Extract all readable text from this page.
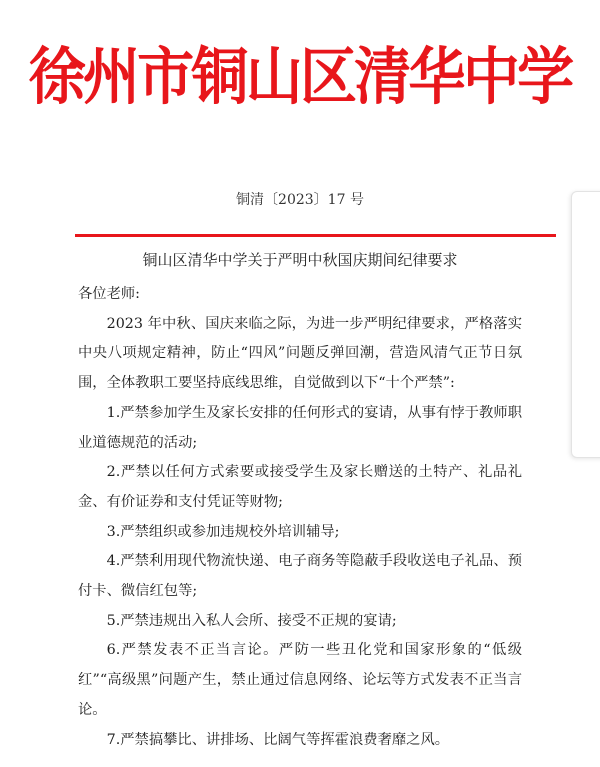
徐州市铜山区清华中学
铜清〔2023〕17 号
铜山区清华中学关于严明中秋国庆期间纪律要求

各位老师:

2023 年中秋、国庆来临之际，为进一步严明纪律要求，严格落实中央八项规定精神，防止“四风”问题反弹回潮，营造风清气正节日氛围，全体教职工要坚持底线思维，自觉做到以下“十个严禁”:

1.严禁参加学生及家长安排的任何形式的宴请，从事有悖于教师职业道德规范的活动;

2.严禁以任何方式索要或接受学生及家长赠送的土特产、礼品礼金、有价证券和支付凭证等财物;

3.严禁组织或参加违规校外培训辅导;

4.严禁利用现代物流快递、电子商务等隐蔽手段收送电子礼品、预付卡、微信红包等;

5.严禁违规出入私人会所、接受不正规的宴请;

6.严禁发表不正当言论。严防一些丑化党和国家形象的“低级红”“高级黑”问题产生，禁止通过信息网络、论坛等方式发表不正当言论。

7.严禁搞攀比、讲排场、比阔气等挥霍浪费奢靡之风。
